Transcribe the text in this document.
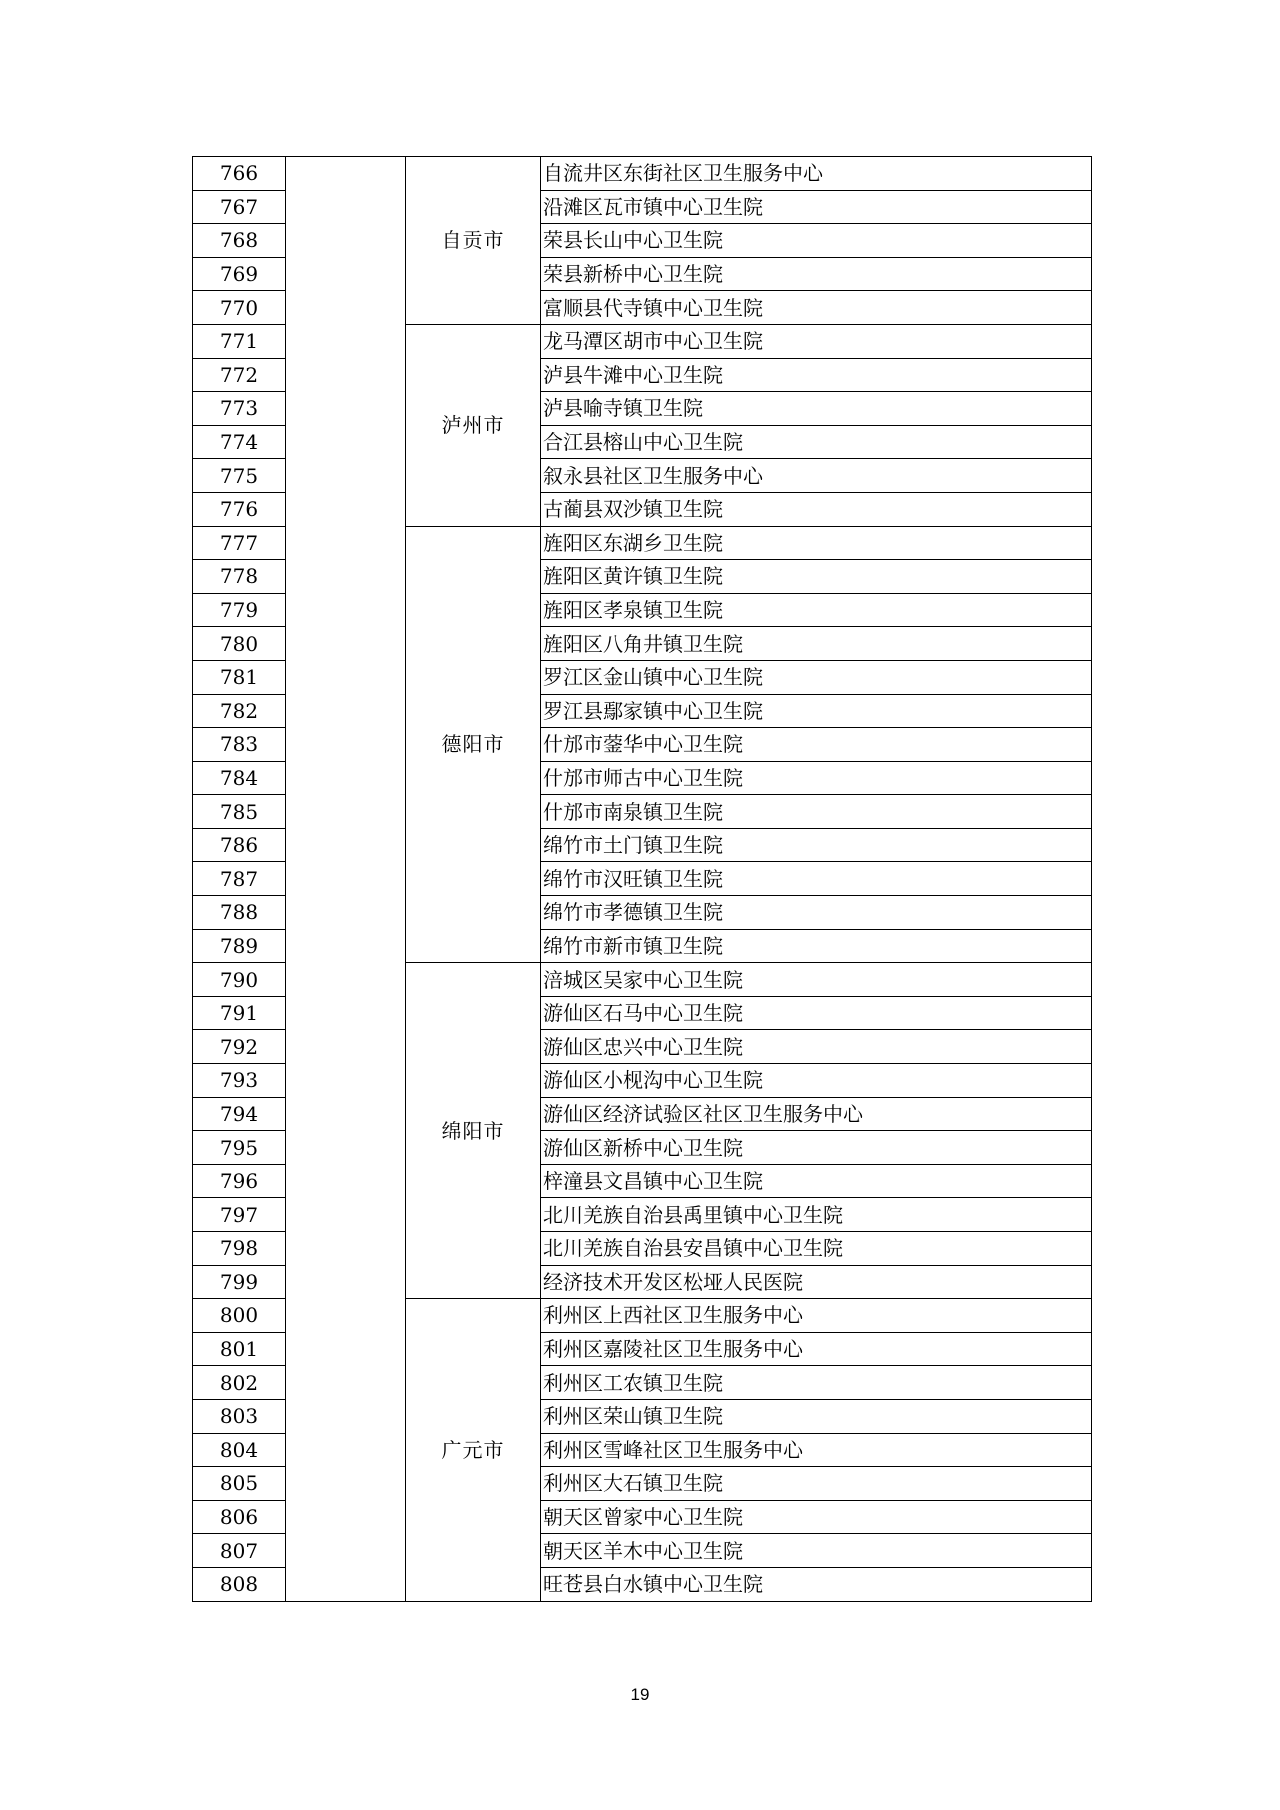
766		自贡市	自流井区东街社区卫生服务中心
767			沿滩区瓦市镇中心卫生院
768			荣县长山中心卫生院
769			荣县新桥中心卫生院
770			富顺县代寺镇中心卫生院
771		泸州市	龙马潭区胡市中心卫生院
772			泸县牛滩中心卫生院
773			泸县喻寺镇卫生院
774			合江县榕山中心卫生院
775			叙永县社区卫生服务中心
776			古蔺县双沙镇卫生院
777		德阳市	旌阳区东湖乡卫生院
778			旌阳区黄许镇卫生院
779			旌阳区孝泉镇卫生院
780			旌阳区八角井镇卫生院
781			罗江区金山镇中心卫生院
782			罗江县鄢家镇中心卫生院
783			什邡市蓥华中心卫生院
784			什邡市师古中心卫生院
785			什邡市南泉镇卫生院
786			绵竹市土门镇卫生院
787			绵竹市汉旺镇卫生院
788			绵竹市孝德镇卫生院
789			绵竹市新市镇卫生院
790		绵阳市	涪城区吴家中心卫生院
791			游仙区石马中心卫生院
792			游仙区忠兴中心卫生院
793			游仙区小枧沟中心卫生院
794			游仙区经济试验区社区卫生服务中心
795			游仙区新桥中心卫生院
796			梓潼县文昌镇中心卫生院
797			北川羌族自治县禹里镇中心卫生院
798			北川羌族自治县安昌镇中心卫生院
799			经济技术开发区松垭人民医院
800		广元市	利州区上西社区卫生服务中心
801			利州区嘉陵社区卫生服务中心
802			利州区工农镇卫生院
803			利州区荣山镇卫生院
804			利州区雪峰社区卫生服务中心
805			利州区大石镇卫生院
806			朝天区曾家中心卫生院
807			朝天区羊木中心卫生院
808			旺苍县白水镇中心卫生院
19
